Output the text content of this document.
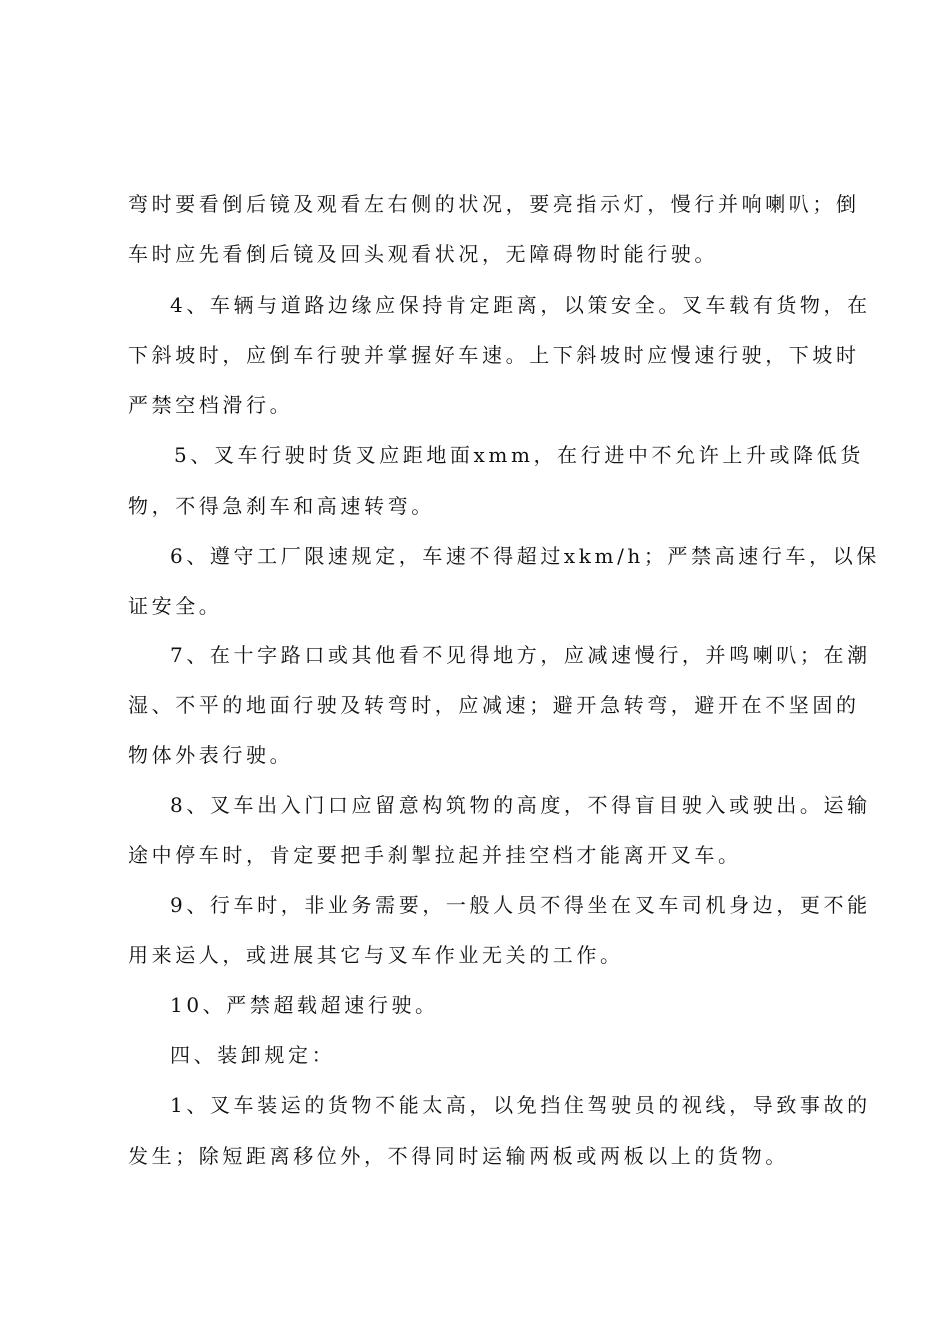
弯时要看倒后镜及观看左右侧的状况，要亮指示灯，慢行并响喇叭；倒
车时应先看倒后镜及回头观看状况，无障碍物时能行驶。
4、车辆与道路边缘应保持肯定距离，以策安全。叉车载有货物，在
下斜坡时，应倒车行驶并掌握好车速。上下斜坡时应慢速行驶，下坡时
严禁空档滑行。
5、叉车行驶时货叉应距地面xmm，在行进中不允许上升或降低货
物，不得急刹车和高速转弯。
6、遵守工厂限速规定，车速不得超过xkm/h；严禁高速行车，以保
证安全。
7、在十字路口或其他看不见得地方，应减速慢行，并鸣喇叭；在潮
湿、不平的地面行驶及转弯时，应减速；避开急转弯，避开在不坚固的
物体外表行驶。
8、叉车出入门口应留意构筑物的高度，不得盲目驶入或驶出。运输
途中停车时，肯定要把手刹掣拉起并挂空档才能离开叉车。
9、行车时，非业务需要，一般人员不得坐在叉车司机身边，更不能
用来运人，或进展其它与叉车作业无关的工作。
10、严禁超载超速行驶。
四、装卸规定：
1、叉车装运的货物不能太高，以免挡住驾驶员的视线，导致事故的
发生；除短距离移位外，不得同时运输两板或两板以上的货物。
